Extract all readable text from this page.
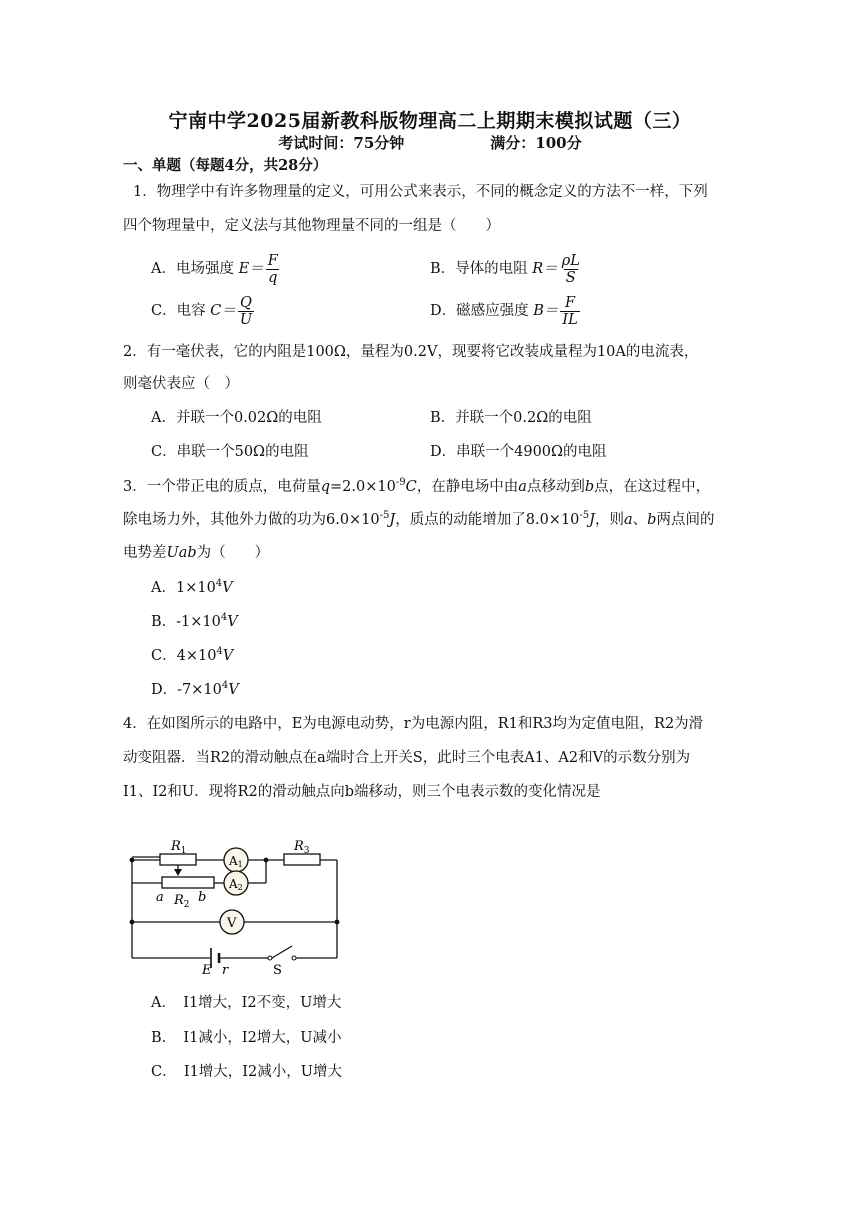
宁南中学2025届新教科版物理高二上期期末模拟试题（三）
考试时间：75分钟	满分：100分
一、单题（每题4分，共28分）
1．物理学中有许多物理量的定义，可用公式来表示，不同的概念定义的方法不一样，下列
四个物理量中，定义法与其他物理量不同的一组是（　　）
A．电场强度 $E= \frac{F}{q}$	B．导体的电阻 $R= \frac{\rho L}{S}$
C．电容 $C= \frac{Q}{U}$	D．磁感应强度 $B= \frac{F}{IL}$
2．有一毫伏表，它的内阻是100Ω，量程为0.2V，现要将它改装成量程为10A的电流表，
则毫伏表应（　）
A．并联一个0.02Ω的电阻	B．并联一个0.2Ω的电阻
C．串联一个50Ω的电阻	D．串联一个4900Ω的电阻
3．一个带正电的质点，电荷量$q=2.0\times 10^{-9}C$，在静电场中由a点移动到b点，在这过程中，
除电场力外，其他外力做的功为$6.0\times 10^{-5}J$，质点的动能增加了$8.0\times 10^{-5}J$，则a、b两点间的
电势差Uab为（　　）
A．$1\times 10^4V$
B．$-1\times 10^4V$
C．$4\times 10^4V$
D．$-7\times 10^4V$
4．在如图所示的电路中，E为电源电动势，r为电源内阻，R1和R3均为定值电阻，R2为滑
动变阻器．当R2的滑动触点在a端时合上开关S，此时三个电表A1、A2和V的示数分别为
I1、I2和U．现将R2的滑动触点向b端移动，则三个电表示数的变化情况是
$R_1$	$R_3$
$R_2$
a	b
A1
A2
V
E r	S
A．　I1增大，I2不变，U增大
B．　I1减小，I2增大，U减小
C．　I1增大，I2减小，U增大
